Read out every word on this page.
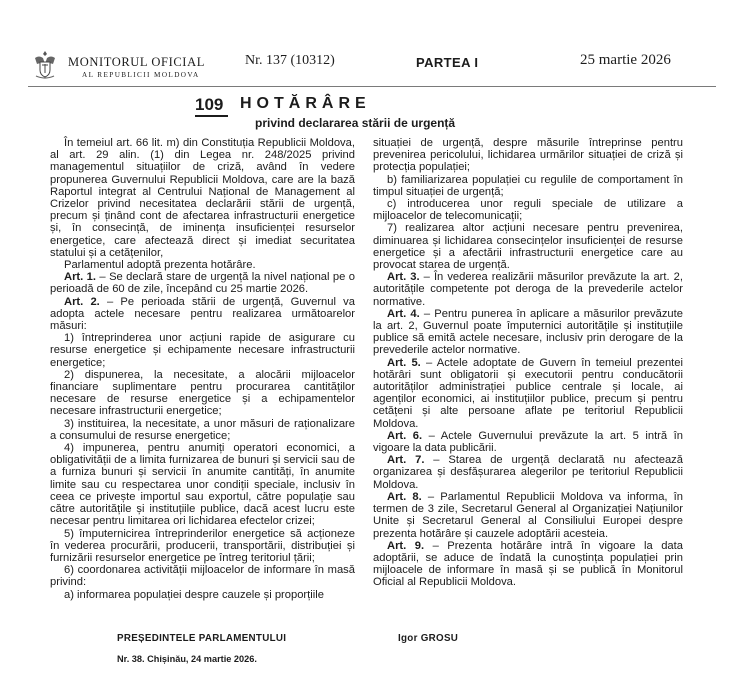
MONITORUL OFICIAL
AL REPUBLICII MOLDOVA
Nr. 137 (10312)	PARTEA I	25 martie 2026
109 HOTĂRÂRE
privind declararea stării de urgență

În temeiul art. 66 lit. m) din Constituția Republicii Moldova, al art. 29 alin. (1) din Legea nr. 248/2025 privind managementul situațiilor de criză, având în vedere propunerea Guvernului Republicii Moldova, care are la bază Raportul integrat al Centrului Național de Management al Crizelor privind necesitatea declarării stării de urgență, precum și ținând cont de afectarea infrastructurii energetice și, în consecință, de iminența insuficienței resurselor energetice, care afectează direct și imediat securitatea statului și a cetățenilor,

Parlamentul adoptă prezenta hotărâre.

Art. 1. – Se declară stare de urgență la nivel național pe o perioadă de 60 de zile, începând cu 25 martie 2026.

Art. 2. – Pe perioada stării de urgență, Guvernul va adopta actele necesare pentru realizarea următoarelor măsuri:

1) întreprinderea unor acțiuni rapide de asigurare cu resurse energetice și echipamente necesare infrastructurii energetice;

2) dispunerea, la necesitate, a alocării mijloacelor financiare suplimentare pentru procurarea cantităților necesare de resurse energetice și a echipamentelor necesare infrastructurii energetice;

3) instituirea, la necesitate, a unor măsuri de raționalizare a consumului de resurse energetice;

4) impunerea, pentru anumiți operatori economici, a obligativității de a limita furnizarea de bunuri și servicii sau de a furniza bunuri și servicii în anumite cantități, în anumite limite sau cu respectarea unor condiții speciale, inclusiv în ceea ce privește importul sau exportul, către populație sau către autoritățile și instituțiile publice, dacă acest lucru este necesar pentru limitarea ori lichidarea efectelor crizei;

5) împuternicirea întreprinderilor energetice să acționeze în vederea procurării, producerii, transportării, distribuției și furnizării resurselor energetice pe întreg teritoriul țării;

6) coordonarea activității mijloacelor de informare în masă privind:

a) informarea populației despre cauzele și proporțiile

situației de urgență, despre măsurile întreprinse pentru prevenirea pericolului, lichidarea urmărilor situației de criză și protecția populației;

b) familiarizarea populației cu regulile de comportament în timpul situației de urgență;

c) introducerea unor reguli speciale de utilizare a mijloacelor de telecomunicații;

7) realizarea altor acțiuni necesare pentru prevenirea, diminuarea și lichidarea consecințelor insuficienței de resurse energetice și a afectării infrastructurii energetice care au provocat starea de urgență.

Art. 3. – În vederea realizării măsurilor prevăzute la art. 2, autoritățile competente pot deroga de la prevederile actelor normative.

Art. 4. – Pentru punerea în aplicare a măsurilor prevăzute la art. 2, Guvernul poate împuternici autoritățile și instituțiile publice să emită actele necesare, inclusiv prin derogare de la prevederile actelor normative.

Art. 5. – Actele adoptate de Guvern în temeiul prezentei hotărâri sunt obligatorii și executorii pentru conducătorii autorităților administrației publice centrale și locale, ai agenților economici, ai instituțiilor publice, precum și pentru cetățeni și alte persoane aflate pe teritoriul Republicii Moldova.

Art. 6. – Actele Guvernului prevăzute la art. 5 intră în vigoare la data publicării.

Art. 7. – Starea de urgență declarată nu afectează organizarea și desfășurarea alegerilor pe teritoriul Republicii Moldova.

Art. 8. – Parlamentul Republicii Moldova va informa, în termen de 3 zile, Secretarul General al Organizației Națiunilor Unite și Secretarul General al Consiliului Europei despre prezenta hotărâre și cauzele adoptării acesteia.

Art. 9. – Prezenta hotărâre intră în vigoare la data adoptării, se aduce de îndată la cunoștința populației prin mijloacele de informare în masă și se publică în Monitorul Oficial al Republicii Moldova.

PREȘEDINTELE PARLAMENTULUI	Igor GROSU
Nr. 38. Chișinău, 24 martie 2026.
